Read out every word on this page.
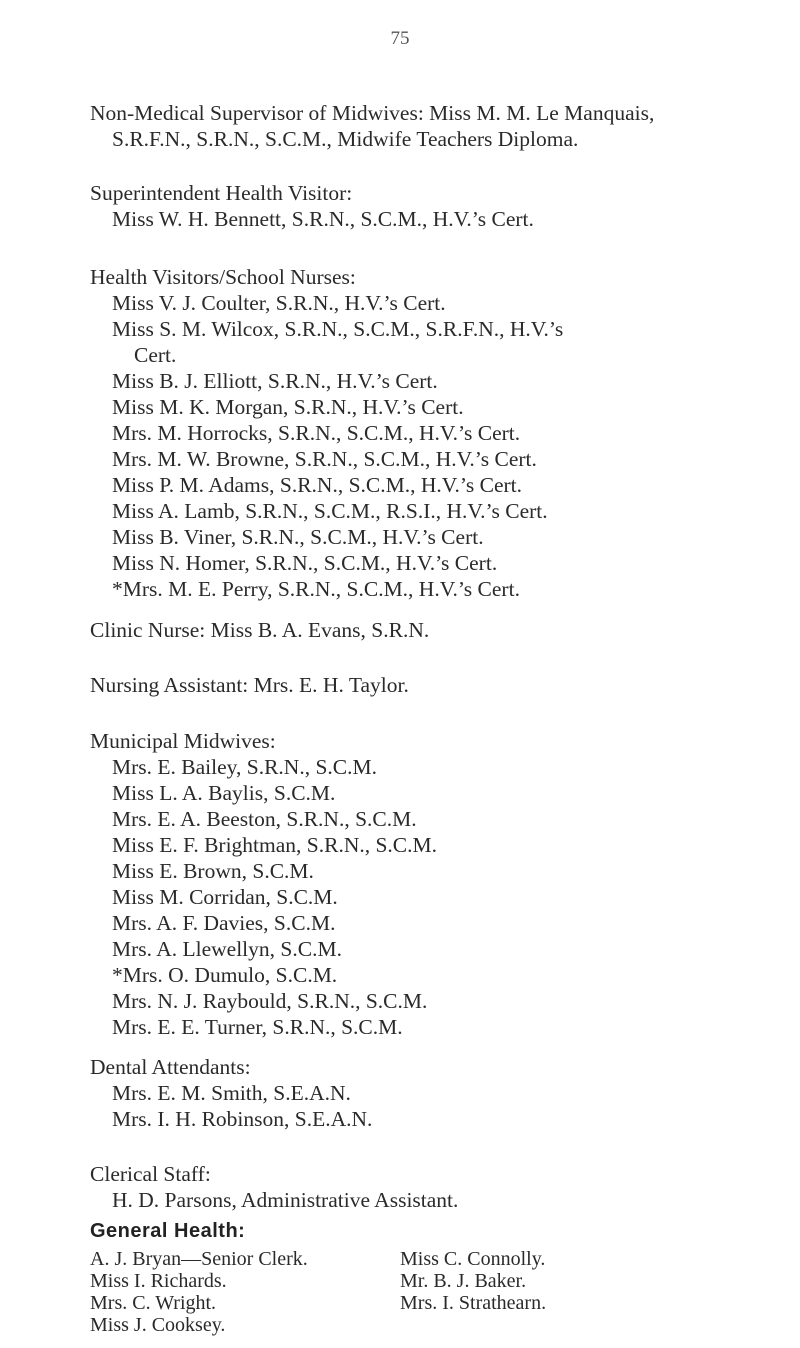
75

Non-Medical Supervisor of Midwives: Miss M. M. Le Manquais,

S.R.F.N., S.R.N., S.C.M., Midwife Teachers Diploma.

Superintendent Health Visitor:

Miss W. H. Bennett, S.R.N., S.C.M., H.V.’s Cert.

Health Visitors/School Nurses:

Miss V. J. Coulter, S.R.N., H.V.’s Cert.

Miss S. M. Wilcox, S.R.N., S.C.M., S.R.F.N., H.V.’s

Cert.

Miss B. J. Elliott, S.R.N., H.V.’s Cert.

Miss M. K. Morgan, S.R.N., H.V.’s Cert.

Mrs. M. Horrocks, S.R.N., S.C.M., H.V.’s Cert.

Mrs. M. W. Browne, S.R.N., S.C.M., H.V.’s Cert.

Miss P. M. Adams, S.R.N., S.C.M., H.V.’s Cert.

Miss A. Lamb, S.R.N., S.C.M., R.S.I., H.V.’s Cert.

Miss B. Viner, S.R.N., S.C.M., H.V.’s Cert.

Miss N. Homer, S.R.N., S.C.M., H.V.’s Cert.

*Mrs. M. E. Perry, S.R.N., S.C.M., H.V.’s Cert.

Clinic Nurse: Miss B. A. Evans, S.R.N.

Nursing Assistant: Mrs. E. H. Taylor.

Municipal Midwives:

Mrs. E. Bailey, S.R.N., S.C.M.

Miss L. A. Baylis, S.C.M.

Mrs. E. A. Beeston, S.R.N., S.C.M.

Miss E. F. Brightman, S.R.N., S.C.M.

Miss E. Brown, S.C.M.

Miss M. Corridan, S.C.M.

Mrs. A. F. Davies, S.C.M.

Mrs. A. Llewellyn, S.C.M.

*Mrs. O. Dumulo, S.C.M.

Mrs. N. J. Raybould, S.R.N., S.C.M.

Mrs. E. E. Turner, S.R.N., S.C.M.

Dental Attendants:

Mrs. E. M. Smith, S.E.A.N.

Mrs. I. H. Robinson, S.E.A.N.

Clerical Staff:

H. D. Parsons, Administrative Assistant.

General Health:

A. J. Bryan—Senior Clerk.

Miss I. Richards.

Mrs. C. Wright.

Miss J. Cooksey.

Miss C. Connolly.

Mr. B. J. Baker.

Mrs. I. Strathearn.
